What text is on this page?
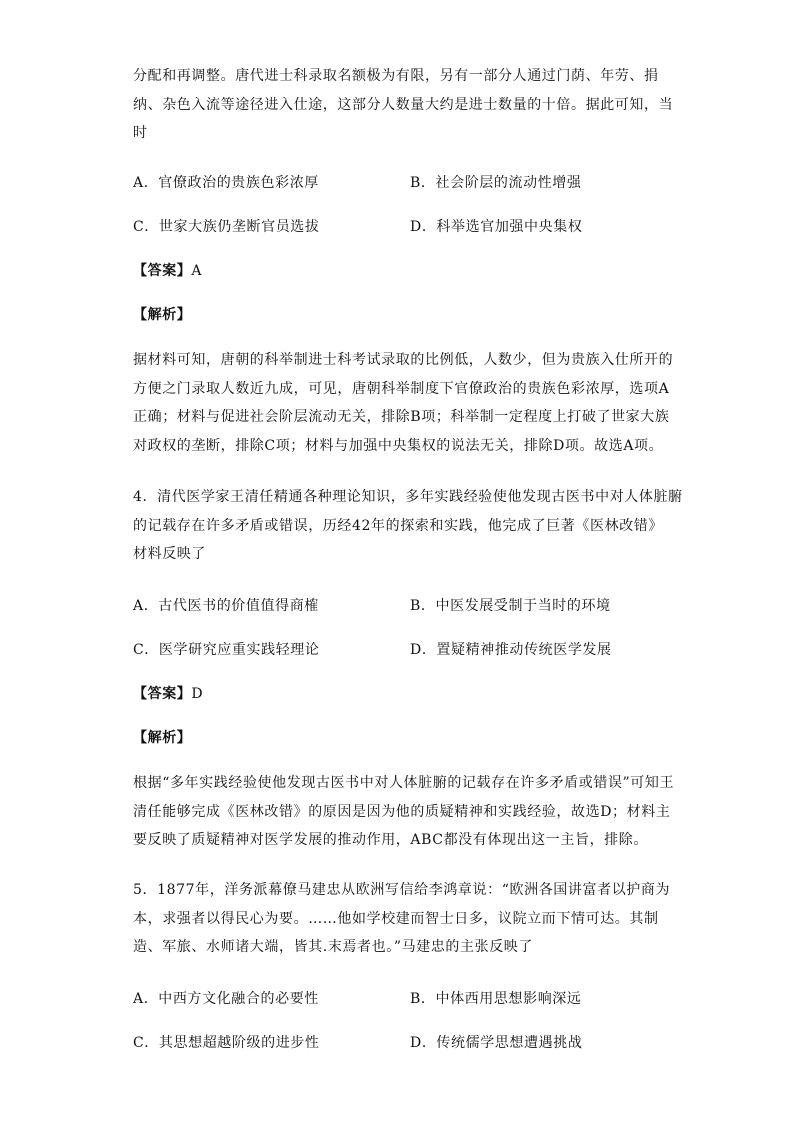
分配和再调整。唐代进士科录取名额极为有限，另有一部分人通过门荫、年劳、捐
纳、杂色入流等途径进入仕途，这部分人数量大约是进士数量的十倍。据此可知，当
时
A．官僚政治的贵族色彩浓厚	B．社会阶层的流动性增强
C．世家大族仍垄断官员选拔	D．科举选官加强中央集权
【答案】A
【解析】
据材料可知，唐朝的科举制进士科考试录取的比例低，人数少，但为贵族入仕所开的
方便之门录取人数近九成，可见，唐朝科举制度下官僚政治的贵族色彩浓厚，选项A
正确；材料与促进社会阶层流动无关，排除B项；科举制一定程度上打破了世家大族
对政权的垄断，排除C项；材料与加强中央集权的说法无关，排除D项。故选A项。
4．清代医学家王清任精通各种理论知识，多年实践经验使他发现古医书中对人体脏腑
的记载存在许多矛盾或错误，历经42年的探索和实践，他完成了巨著《医林改错》
材料反映了
A．古代医书的价值值得商榷	B．中医发展受制于当时的环境
C．医学研究应重实践轻理论	D．置疑精神推动传统医学发展
【答案】D
【解析】
根据“多年实践经验使他发现古医书中对人体脏腑的记载存在许多矛盾或错误”可知王
清任能够完成《医林改错》的原因是因为他的质疑精神和实践经验，故选D；材料主
要反映了质疑精神对医学发展的推动作用，ABC都没有体现出这一主旨，排除。
5．1877年，洋务派幕僚马建忠从欧洲写信给李鸿章说：“欧洲各国讲富者以护商为
本，求强者以得民心为要。……他如学校建而智士日多，议院立而下情可达。其制
造、军旅、水师诸大端，皆其.末焉者也。”马建忠的主张反映了
A．中西方文化融合的必要性	B．中体西用思想影响深远
C．其思想超越阶级的进步性	D．传统儒学思想遭遇挑战
